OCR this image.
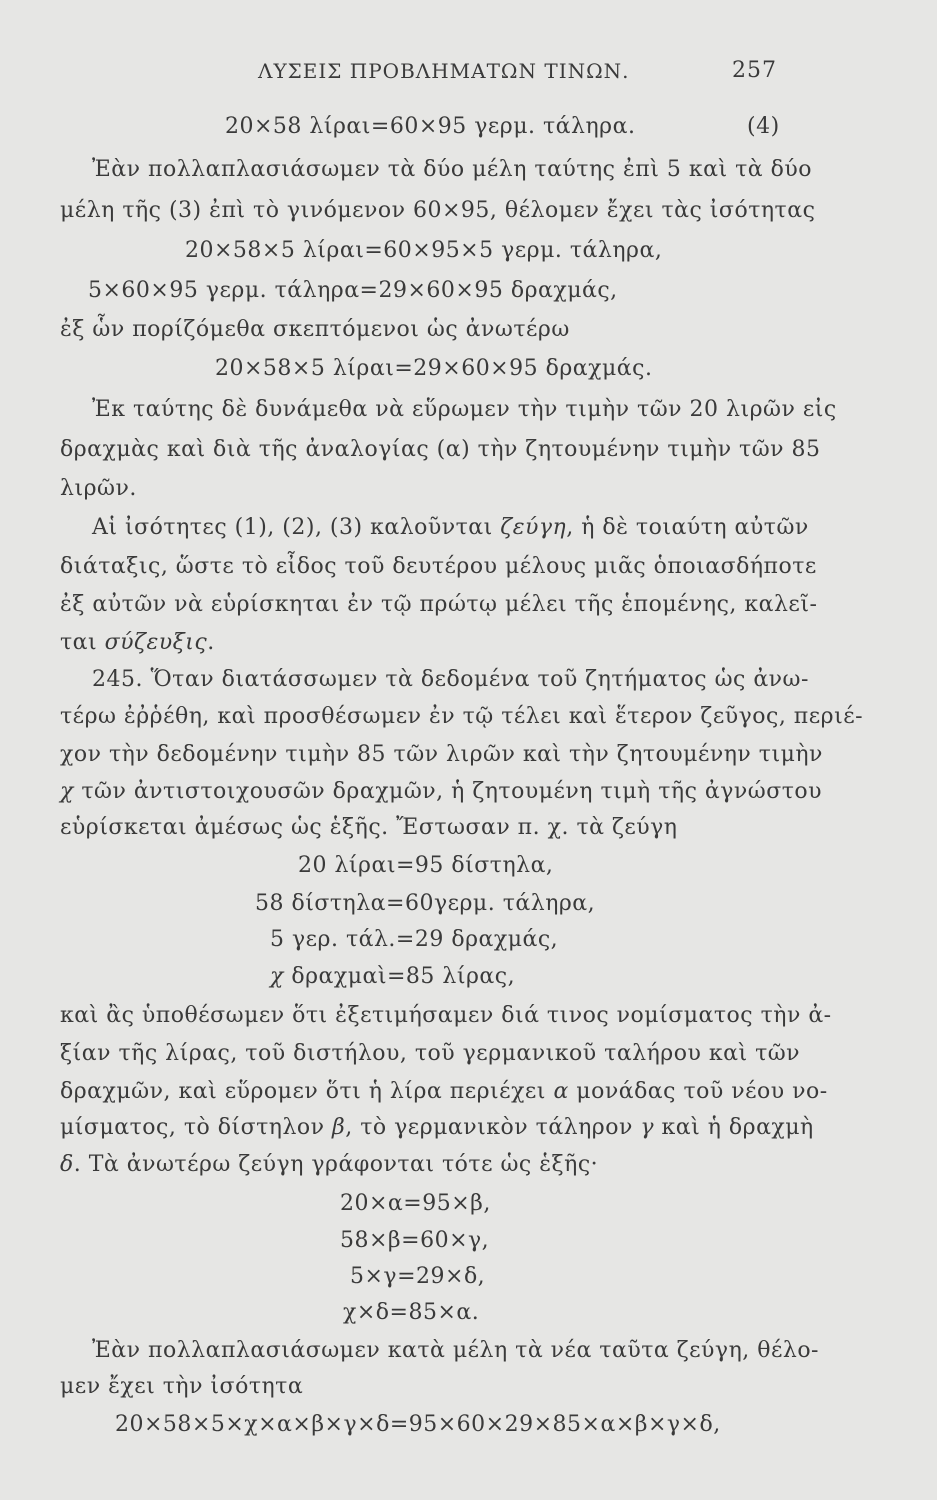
ΛΥΣΕΙΣ ΠΡΟΒΛΗΜΑΤΩΝ ΤΙΝΩΝ.	257
20×58 λίραι=60×95 γερμ. τάληρα.	(4)
Ἐὰν πολλαπλασιάσωμεν τὰ δύο μέλη ταύτης ἐπὶ 5 καὶ τὰ δύο
μέλη τῆς (3) ἐπὶ τὸ γινόμενον 60×95, θέλομεν ἔχει τὰς ἰσότητας
20×58×5 λίραι=60×95×5 γερμ. τάληρα,
5×60×95 γερμ. τάληρα=29×60×95 δραχμάς,
ἐξ ὧν πορίζόμεθα σκεπτόμενοι ὡς ἀνωτέρω
20×58×5 λίραι=29×60×95 δραχμάς.
Ἐκ ταύτης δὲ δυνάμεθα νὰ εὕρωμεν τὴν τιμὴν τῶν 20 λιρῶν εἰς
δραχμὰς καὶ διὰ τῆς ἀναλογίας (α) τὴν ζητουμένην τιμὴν τῶν 85
λιρῶν.
Αἱ ἰσότητες (1), (2), (3) καλοῦνται ζεύγη, ἡ δὲ τοιαύτη αὐτῶν
διάταξις, ὥστε τὸ εἶδος τοῦ δευτέρου μέλους μιᾶς ὁποιασδήποτε
ἐξ αὐτῶν νὰ εὑρίσκηται ἐν τῷ πρώτῳ μέλει τῆς ἑπομένης, καλεῖ-
ται σύζευξις.
245. Ὅταν διατάσσωμεν τὰ δεδομένα τοῦ ζητήματος ὡς ἀνω-
τέρω ἐῤῥέθη, καὶ προσθέσωμεν ἐν τῷ τέλει καὶ ἕτερον ζεῦγος, περιέ-
χον τὴν δεδομένην τιμὴν 85 τῶν λιρῶν καὶ τὴν ζητουμένην τιμὴν
χ τῶν ἀντιστοιχουσῶν δραχμῶν, ἡ ζητουμένη τιμὴ τῆς ἀγνώστου
εὑρίσκεται ἀμέσως ὡς ἑξῆς. Ἔστωσαν π. χ. τὰ ζεύγη
20 λίραι=95 δίστηλα,
58 δίστηλα=60γερμ. τάληρα,
5 γερ. τάλ.=29 δραχμάς,
χ δραχμαὶ=85 λίρας,
καὶ ἂς ὑποθέσωμεν ὅτι ἐξετιμήσαμεν διά τινος νομίσματος τὴν ἀ-
ξίαν τῆς λίρας, τοῦ διστήλου, τοῦ γερμανικοῦ ταλήρου καὶ τῶν
δραχμῶν, καὶ εὕρομεν ὅτι ἡ λίρα περιέχει α μονάδας τοῦ νέου νο-
μίσματος, τὸ δίστηλον β, τὸ γερμανικὸν τάληρον γ καὶ ἡ δραχμὴ
δ. Τὰ ἀνωτέρω ζεύγη γράφονται τότε ὡς ἑξῆς·
20×α=95×β,
58×β=60×γ,
5×γ=29×δ,
χ×δ=85×α.
Ἐὰν πολλαπλασιάσωμεν κατὰ μέλη τὰ νέα ταῦτα ζεύγη, θέλο-
μεν ἔχει τὴν ἰσότητα
20×58×5×χ×α×β×γ×δ=95×60×29×85×α×β×γ×δ,
